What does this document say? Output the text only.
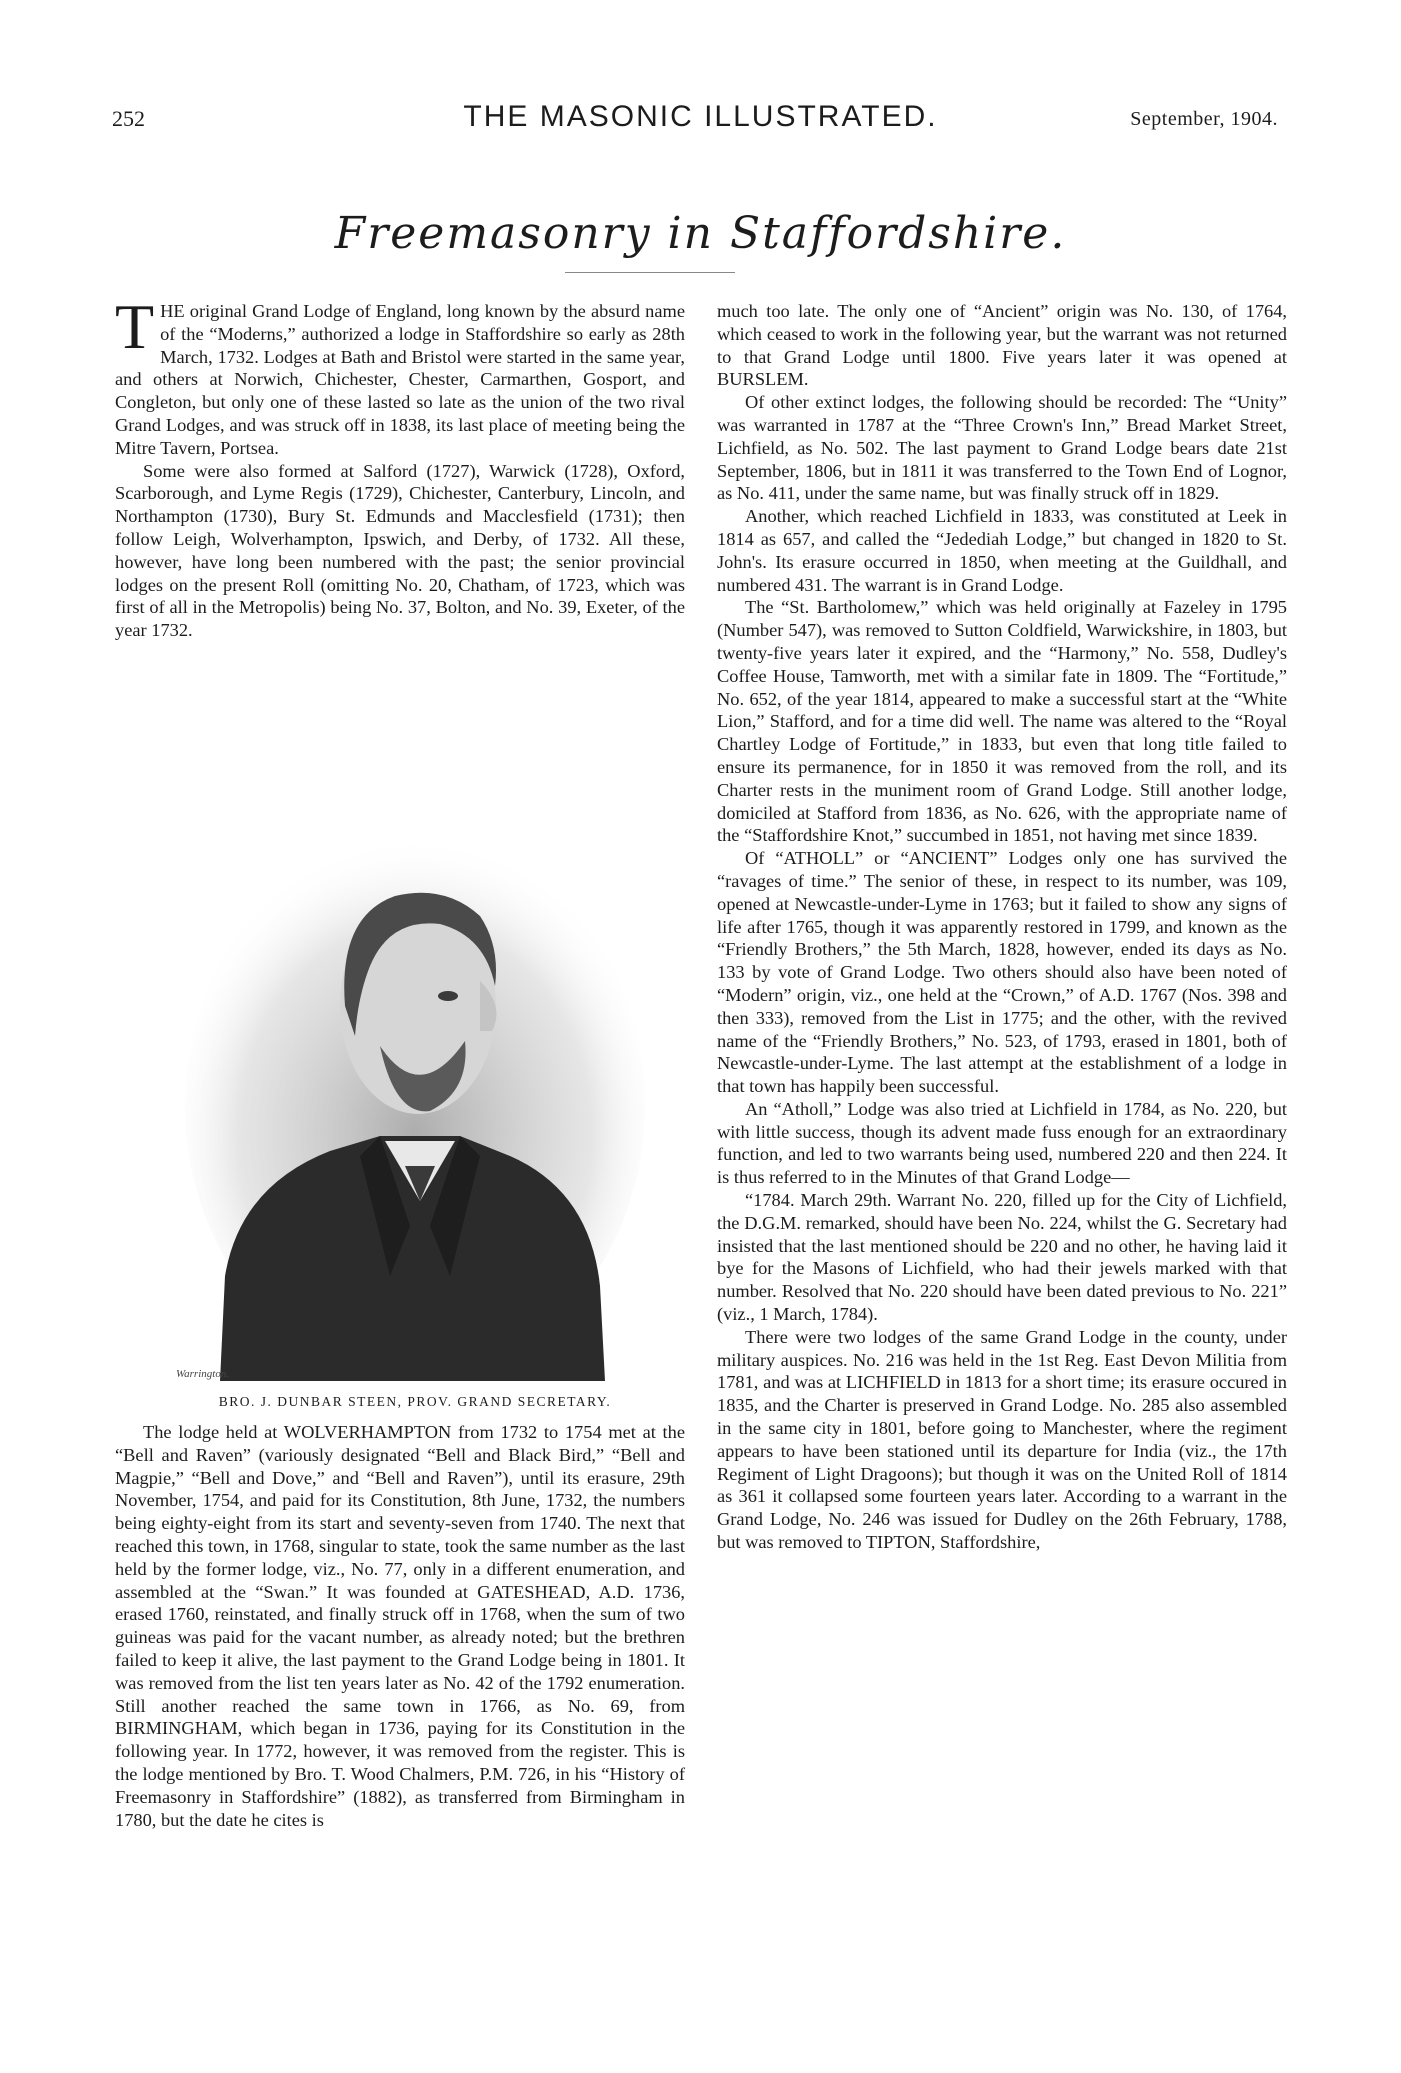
252	THE MASONIC ILLUSTRATED.	September, 1904.
Freemasonry in Staffordshire.

THE original Grand Lodge of England, long known by the absurd name of the “Moderns,” authorized a lodge in Staffordshire so early as 28th March, 1732. Lodges at Bath and Bristol were started in the same year, and others at Norwich, Chichester, Chester, Carmarthen, Gosport, and Congleton, but only one of these lasted so late as the union of the two rival Grand Lodges, and was struck off in 1838, its last place of meeting being the Mitre Tavern, Portsea.

Some were also formed at Salford (1727), Warwick (1728), Oxford, Scarborough, and Lyme Regis (1729), Chichester, Canterbury, Lincoln, and Northampton (1730), Bury St. Edmunds and Macclesfield (1731); then follow Leigh, Wolverhampton, Ipswich, and Derby, of 1732. All these, however, have long been numbered with the past; the senior provincial lodges on the present Roll (omitting No. 20, Chatham, of 1723, which was first of all in the Metropolis) being No. 37, Bolton, and No. 39, Exeter, of the year 1732.

Warrington.
BRO. J. DUNBAR STEEN, PROV. GRAND SECRETARY.

The lodge held at WOLVERHAMPTON from 1732 to 1754 met at the “Bell and Raven” (variously designated “Bell and Black Bird,” “Bell and Magpie,” “Bell and Dove,” and “Bell and Raven”), until its erasure, 29th November, 1754, and paid for its Constitution, 8th June, 1732, the numbers being eighty-eight from its start and seventy-seven from 1740. The next that reached this town, in 1768, singular to state, took the same number as the last held by the former lodge, viz., No. 77, only in a different enumeration, and assembled at the “Swan.” It was founded at GATESHEAD, A.D. 1736, erased 1760, reinstated, and finally struck off in 1768, when the sum of two guineas was paid for the vacant number, as already noted; but the brethren failed to keep it alive, the last payment to the Grand Lodge being in 1801. It was removed from the list ten years later as No. 42 of the 1792 enumeration. Still another reached the same town in 1766, as No. 69, from BIRMINGHAM, which began in 1736, paying for its Constitution in the following year. In 1772, however, it was removed from the register. This is the lodge mentioned by Bro. T. Wood Chalmers, P.M. 726, in his “History of Freemasonry in Staffordshire” (1882), as transferred from Birmingham in 1780, but the date he cites is

much too late. The only one of “Ancient” origin was No. 130, of 1764, which ceased to work in the following year, but the warrant was not returned to that Grand Lodge until 1800. Five years later it was opened at BURSLEM.

Of other extinct lodges, the following should be recorded: The “Unity” was warranted in 1787 at the “Three Crown's Inn,” Bread Market Street, Lichfield, as No. 502. The last payment to Grand Lodge bears date 21st September, 1806, but in 1811 it was transferred to the Town End of Lognor, as No. 411, under the same name, but was finally struck off in 1829.

Another, which reached Lichfield in 1833, was constituted at Leek in 1814 as 657, and called the “Jedediah Lodge,” but changed in 1820 to St. John's. Its erasure occurred in 1850, when meeting at the Guildhall, and numbered 431. The warrant is in Grand Lodge.

The “St. Bartholomew,” which was held originally at Fazeley in 1795 (Number 547), was removed to Sutton Coldfield, Warwickshire, in 1803, but twenty-five years later it expired, and the “Harmony,” No. 558, Dudley's Coffee House, Tamworth, met with a similar fate in 1809. The “Fortitude,” No. 652, of the year 1814, appeared to make a successful start at the “White Lion,” Stafford, and for a time did well. The name was altered to the “Royal Chartley Lodge of Fortitude,” in 1833, but even that long title failed to ensure its permanence, for in 1850 it was removed from the roll, and its Charter rests in the muniment room of Grand Lodge. Still another lodge, domiciled at Stafford from 1836, as No. 626, with the appropriate name of the “Staffordshire Knot,” succumbed in 1851, not having met since 1839.

Of “ATHOLL” or “ANCIENT” Lodges only one has survived the “ravages of time.” The senior of these, in respect to its number, was 109, opened at Newcastle-under-Lyme in 1763; but it failed to show any signs of life after 1765, though it was apparently restored in 1799, and known as the “Friendly Brothers,” the 5th March, 1828, however, ended its days as No. 133 by vote of Grand Lodge. Two others should also have been noted of “Modern” origin, viz., one held at the “Crown,” of A.D. 1767 (Nos. 398 and then 333), removed from the List in 1775; and the other, with the revived name of the “Friendly Brothers,” No. 523, of 1793, erased in 1801, both of Newcastle-under-Lyme. The last attempt at the establishment of a lodge in that town has happily been successful.

An “Atholl,” Lodge was also tried at Lichfield in 1784, as No. 220, but with little success, though its advent made fuss enough for an extraordinary function, and led to two warrants being used, numbered 220 and then 224. It is thus referred to in the Minutes of that Grand Lodge—

“1784. March 29th. Warrant No. 220, filled up for the City of Lichfield, the D.G.M. remarked, should have been No. 224, whilst the G. Secretary had insisted that the last mentioned should be 220 and no other, he having laid it bye for the Masons of Lichfield, who had their jewels marked with that number. Resolved that No. 220 should have been dated previous to No. 221” (viz., 1 March, 1784).

There were two lodges of the same Grand Lodge in the county, under military auspices. No. 216 was held in the 1st Reg. East Devon Militia from 1781, and was at LICHFIELD in 1813 for a short time; its erasure occured in 1835, and the Charter is preserved in Grand Lodge. No. 285 also assembled in the same city in 1801, before going to Manchester, where the regiment appears to have been stationed until its departure for India (viz., the 17th Regiment of Light Dragoons); but though it was on the United Roll of 1814 as 361 it collapsed some fourteen years later. According to a warrant in the Grand Lodge, No. 246 was issued for Dudley on the 26th February, 1788, but was removed to TIPTON, Staffordshire,
